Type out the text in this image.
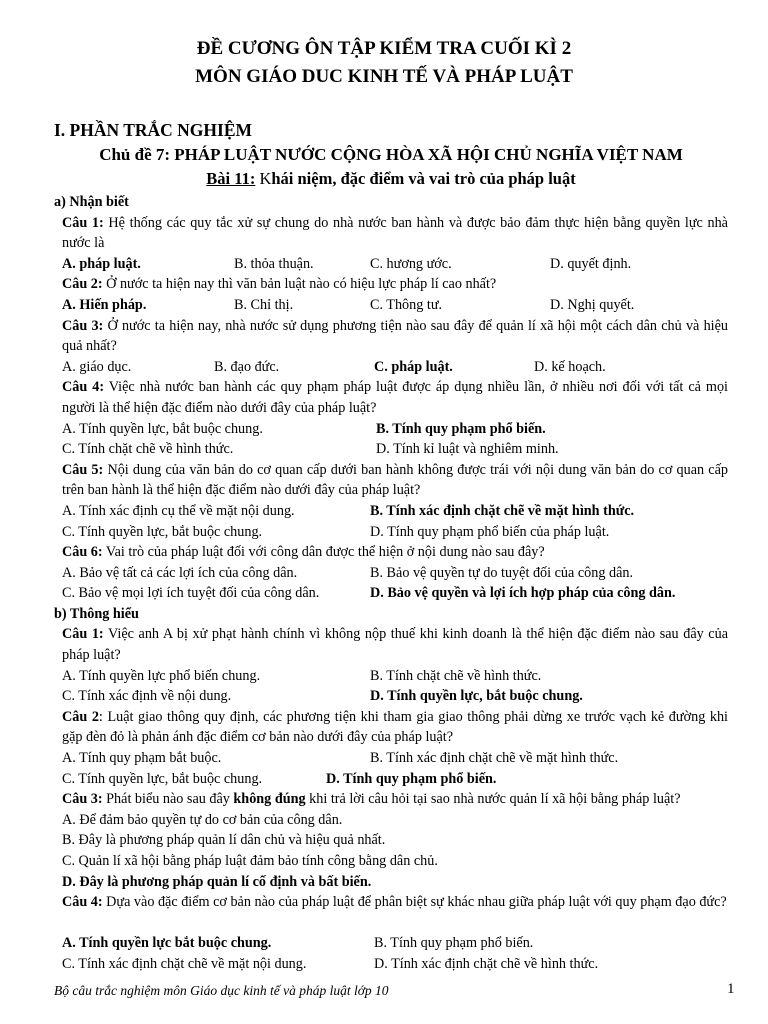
ĐỀ CƯƠNG ÔN TẬP KIỂM TRA CUỐI KÌ 2
MÔN GIÁO DUC KINH TẾ VÀ PHÁP LUẬT
I. PHẦN TRẮC NGHIỆM
Chủ đề 7: PHÁP LUẬT NƯỚC CỘNG HÒA XÃ HỘI CHỦ NGHĨA VIỆT NAM
Bài 11: Khái niệm, đặc điểm và vai trò của pháp luật
a) Nhận biết
Câu 1: Hệ thống các quy tắc xử sự chung do nhà nước ban hành và được bảo đảm thực hiện bằng quyền lực nhà nước là
A. pháp luật.	B. thỏa thuận.	C. hương ước.	D. quyết định.
Câu 2: Ở nước ta hiện nay thì văn bản luật nào có hiệu lực pháp lí cao nhất?
A. Hiến pháp.	B. Chỉ thị.	C. Thông tư.	D. Nghị quyết.
Câu 3: Ở nước ta hiện nay, nhà nước sử dụng phương tiện nào sau đây để quản lí xã hội một cách dân chủ và hiệu quả nhất?
A. giáo dục.	B. đạo đức.	C. pháp luật.	D. kế hoạch.
Câu 4: Việc nhà nước ban hành các quy phạm pháp luật được áp dụng nhiều lần, ở nhiều nơi đối với tất cả mọi người là thể hiện đặc điểm nào dưới đây của pháp luật?
A. Tính quyền lực, bắt buộc chung.	B. Tính quy phạm phổ biến.
C. Tính chặt chẽ về hình thức.	D. Tính kỉ luật và nghiêm minh.
Câu 5: Nội dung của văn bản do cơ quan cấp dưới ban hành không được trái với nội dung văn bản do cơ quan cấp trên ban hành là thể hiện đặc điểm nào dưới đây của pháp luật?
A. Tính xác định cụ thể về mặt nội dung.	B. Tính xác định chặt chẽ về mặt hình thức.
C. Tính quyền lực, bắt buộc chung.	D. Tính quy phạm phổ biến của pháp luật.
Câu 6: Vai trò của pháp luật đối với công dân được thể hiện ở nội dung nào sau đây?
A. Bảo vệ tất cả các lợi ích của công dân.	B. Bảo vệ quyền tự do tuyệt đối của công dân.
C. Bảo vệ mọi lợi ích tuyệt đối của công dân.	D. Bảo vệ quyền và lợi ích hợp pháp của công dân.
b) Thông hiểu
Câu 1: Việc anh A bị xử phạt hành chính vì không nộp thuế khi kinh doanh là thể hiện đặc điểm nào sau đây của pháp luật?
A. Tính quyền lực phổ biến chung.	B. Tính chặt chẽ về hình thức.
C. Tính xác định về nội dung.	D. Tính quyền lực, bắt buộc chung.
Câu 2: Luật giao thông quy định, các phương tiện khi tham gia giao thông phải dừng xe trước vạch kẻ đường khi gặp đèn đỏ là phản ánh đặc điểm cơ bản nào dưới đây của pháp luật?
A. Tính quy phạm bắt buộc.	B. Tính xác định chặt chẽ về mặt hình thức.
C. Tính quyền lực, bắt buộc chung.	D. Tính quy phạm phổ biến.
Câu 3: Phát biểu nào sau đây không đúng khi trả lời câu hỏi tại sao nhà nước quản lí xã hội bằng pháp luật?
A. Để đảm bảo quyền tự do cơ bản của công dân.
B. Đây là phương pháp quản lí dân chủ và hiệu quả nhất.
C. Quản lí xã hội bằng pháp luật đảm bảo tính công bằng dân chủ.
D. Đây là phương pháp quản lí cố định và bất biến.
Câu 4: Dựa vào đặc điểm cơ bản nào của pháp luật để phân biệt sự khác nhau giữa pháp luật với quy phạm đạo đức?
A. Tính quyền lực bắt buộc chung.	B. Tính quy phạm phổ biến.
C. Tính xác định chặt chẽ về mặt nội dung.	D. Tính xác định chặt chẽ về hình thức.
Bộ câu trắc nghiệm môn Giáo dục kinh tế và pháp luật lớp 10	1
